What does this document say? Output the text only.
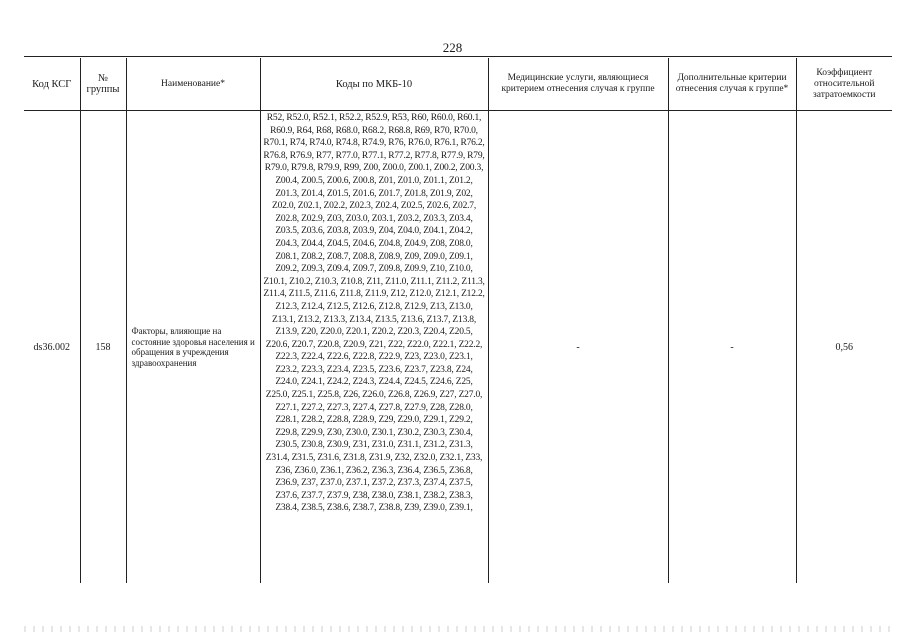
228
Код КСГ	№ группы	Наименование*	Коды по МКБ-10	Медицинские услуги, являющиеся критерием отнесения случая к группе	Дополнительные критерии отнесения случая к группе*	Коэффициент относительной затратоемкости
ds36.002	158	Факторы, влияющие на состояние здоровья населения и обращения в учреждения здравоохранения	R52, R52.0, R52.1, R52.2, R52.9, R53, R60, R60.0, R60.1, R60.9, R64, R68, R68.0, R68.2, R68.8, R69, R70, R70.0, R70.1, R74, R74.0, R74.8, R74.9, R76, R76.0, R76.1, R76.2, R76.8, R76.9, R77, R77.0, R77.1, R77.2, R77.8, R77.9, R79, R79.0, R79.8, R79.9, R99, Z00, Z00.0, Z00.1, Z00.2, Z00.3, Z00.4, Z00.5, Z00.6, Z00.8, Z01, Z01.0, Z01.1, Z01.2, Z01.3, Z01.4, Z01.5, Z01.6, Z01.7, Z01.8, Z01.9, Z02, Z02.0, Z02.1, Z02.2, Z02.3, Z02.4, Z02.5, Z02.6, Z02.7, Z02.8, Z02.9, Z03, Z03.0, Z03.1, Z03.2, Z03.3, Z03.4, Z03.5, Z03.6, Z03.8, Z03.9, Z04, Z04.0, Z04.1, Z04.2, Z04.3, Z04.4, Z04.5, Z04.6, Z04.8, Z04.9, Z08, Z08.0, Z08.1, Z08.2, Z08.7, Z08.8, Z08.9, Z09, Z09.0, Z09.1, Z09.2, Z09.3, Z09.4, Z09.7, Z09.8, Z09.9, Z10, Z10.0, Z10.1, Z10.2, Z10.3, Z10.8, Z11, Z11.0, Z11.1, Z11.2, Z11.3, Z11.4, Z11.5, Z11.6, Z11.8, Z11.9, Z12, Z12.0, Z12.1, Z12.2, Z12.3, Z12.4, Z12.5, Z12.6, Z12.8, Z12.9, Z13, Z13.0, Z13.1, Z13.2, Z13.3, Z13.4, Z13.5, Z13.6, Z13.7, Z13.8, Z13.9, Z20, Z20.0, Z20.1, Z20.2, Z20.3, Z20.4, Z20.5, Z20.6, Z20.7, Z20.8, Z20.9, Z21, Z22, Z22.0, Z22.1, Z22.2, Z22.3, Z22.4, Z22.6, Z22.8, Z22.9, Z23, Z23.0, Z23.1, Z23.2, Z23.3, Z23.4, Z23.5, Z23.6, Z23.7, Z23.8, Z24, Z24.0, Z24.1, Z24.2, Z24.3, Z24.4, Z24.5, Z24.6, Z25, Z25.0, Z25.1, Z25.8, Z26, Z26.0, Z26.8, Z26.9, Z27, Z27.0, Z27.1, Z27.2, Z27.3, Z27.4, Z27.8, Z27.9, Z28, Z28.0, Z28.1, Z28.2, Z28.8, Z28.9, Z29, Z29.0, Z29.1, Z29.2, Z29.8, Z29.9, Z30, Z30.0, Z30.1, Z30.2, Z30.3, Z30.4, Z30.5, Z30.8, Z30.9, Z31, Z31.0, Z31.1, Z31.2, Z31.3, Z31.4, Z31.5, Z31.6, Z31.8, Z31.9, Z32, Z32.0, Z32.1, Z33, Z36, Z36.0, Z36.1, Z36.2, Z36.3, Z36.4, Z36.5, Z36.8, Z36.9, Z37, Z37.0, Z37.1, Z37.2, Z37.3, Z37.4, Z37.5, Z37.6, Z37.7, Z37.9, Z38, Z38.0, Z38.1, Z38.2, Z38.3, Z38.4, Z38.5, Z38.6, Z38.7, Z38.8, Z39, Z39.0, Z39.1,	-	-	0,56
